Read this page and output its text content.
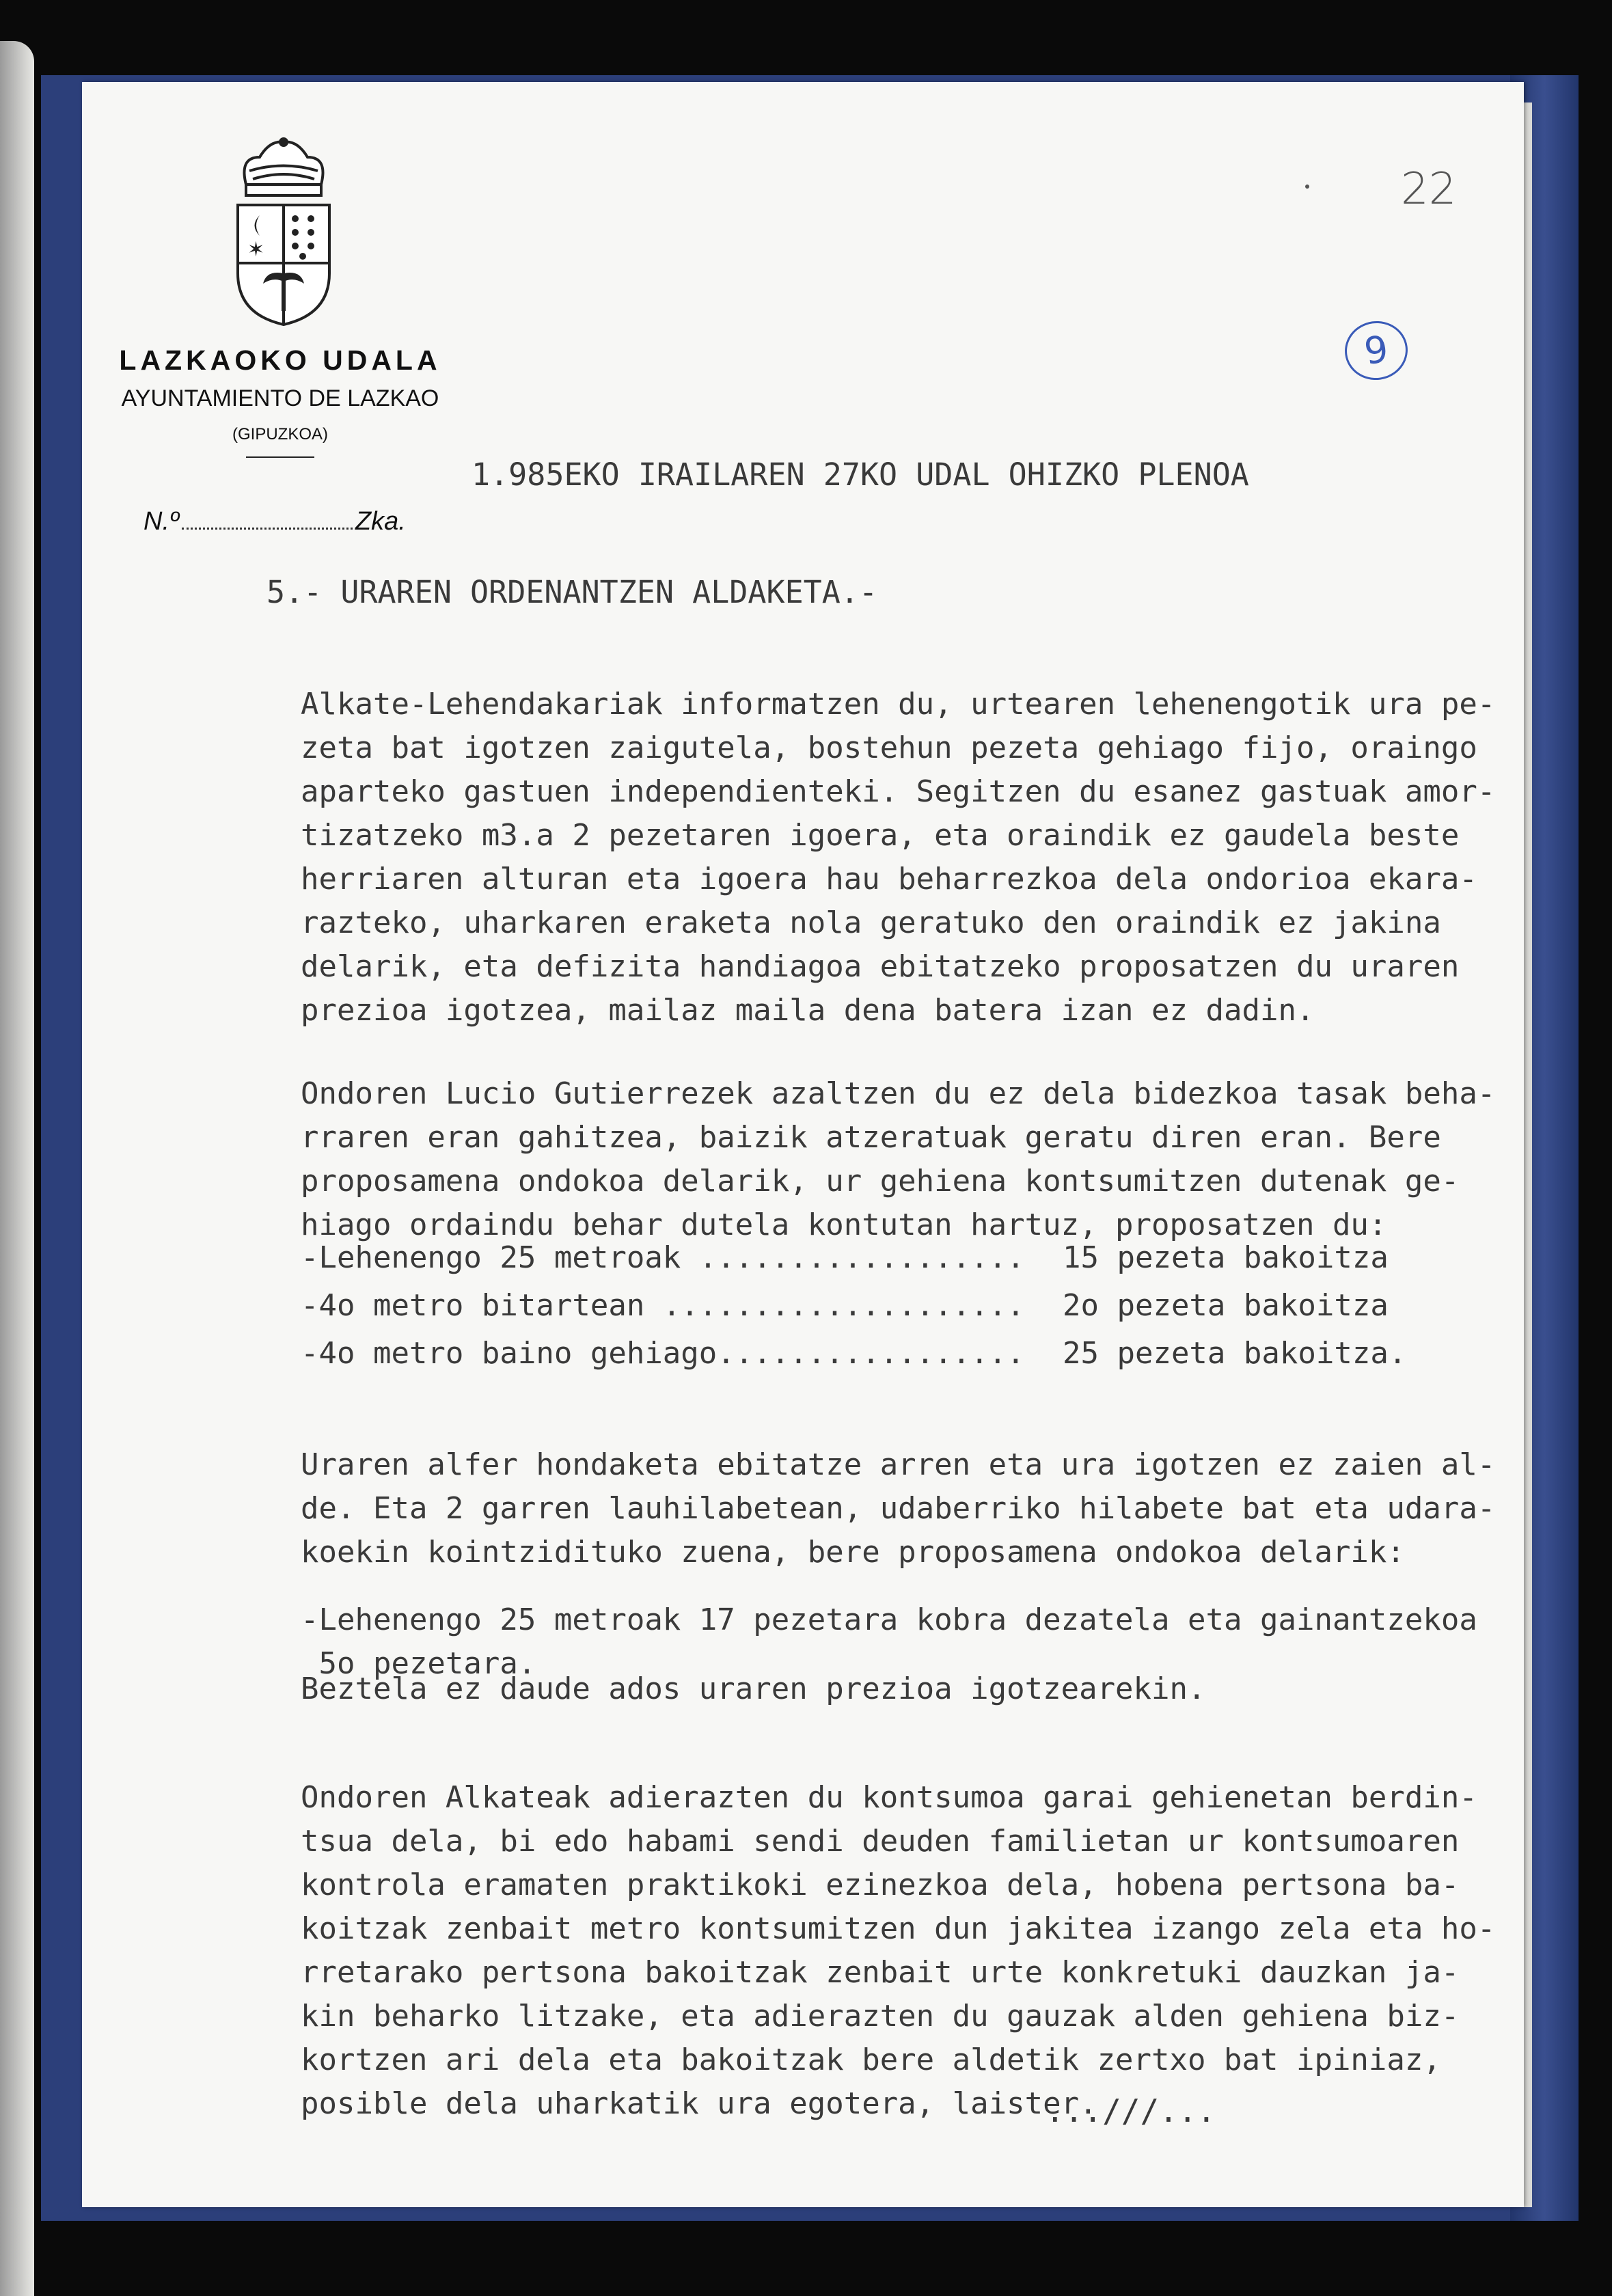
✶
LAZKAOKO UDALA
AYUNTAMIENTO DE LAZKAO
(GIPUZKOA)
N.º	Zka.
22
9
1.985EKO IRAILAREN 27KO UDAL OHIZKO PLENOA
5.- URAREN ORDENANTZEN ALDAKETA.-

Alkate-Lehendakariak informatzen du, urtearen lehenengotik ura pe-
zeta bat igotzen zaigutela, bostehun pezeta gehiago fijo, oraingo
aparteko gastuen independienteki. Segitzen du esanez gastuak amor-
tizatzeko m3.a 2 pezetaren igoera, eta oraindik ez gaudela beste
herriaren alturan eta igoera hau beharrezkoa dela ondorioa ekara-
razteko, uharkaren eraketa nola geratuko den oraindik ez jakina
delarik, eta defizita handiagoa ebitatzeko proposatzen du uraren
prezioa igotzea, mailaz maila dena batera izan ez dadin.

Ondoren Lucio Gutierrezek azaltzen du ez dela bidezkoa tasak beha-
rraren eran gahitzea, baizik atzeratuak geratu diren eran. Bere
proposamena ondokoa delarik, ur gehiena kontsumitzen dutenak ge-
hiago ordaindu behar dutela kontutan hartuz, proposatzen du:

-Lehenengo 25 metroak .................. 15 pezeta bakoitza
-4o metro bitartean .................... 2o pezeta bakoitza
-4o metro baino gehiago................. 25 pezeta bakoitza.

Uraren alfer hondaketa ebitatze arren eta ura igotzen ez zaien al-
de. Eta 2 garren lauhilabetean, udaberriko hilabete bat eta udara-
koekin kointzidituko zuena, bere proposamena ondokoa delarik:

-Lehenengo 25 metroak 17 pezetara kobra dezatela eta gainantzekoa
5o pezetara.

Beztela ez daude ados uraren prezioa igotzearekin.

Ondoren Alkateak adierazten du kontsumoa garai gehienetan berdin-
tsua dela, bi edo habami sendi deuden familietan ur kontsumoaren
kontrola eramaten praktikoki ezinezkoa dela, hobena pertsona ba-
koitzak zenbait metro kontsumitzen dun jakitea izango zela eta ho-
rretarako pertsona bakoitzak zenbait urte konkretuki dauzkan ja-
kin beharko litzake, eta adierazten du gauzak alden gehiena biz-
kortzen ari dela eta bakoitzak bere aldetik zertxo bat ipiniaz,
posible dela uharkatik ura egotera, laister.

...///...
